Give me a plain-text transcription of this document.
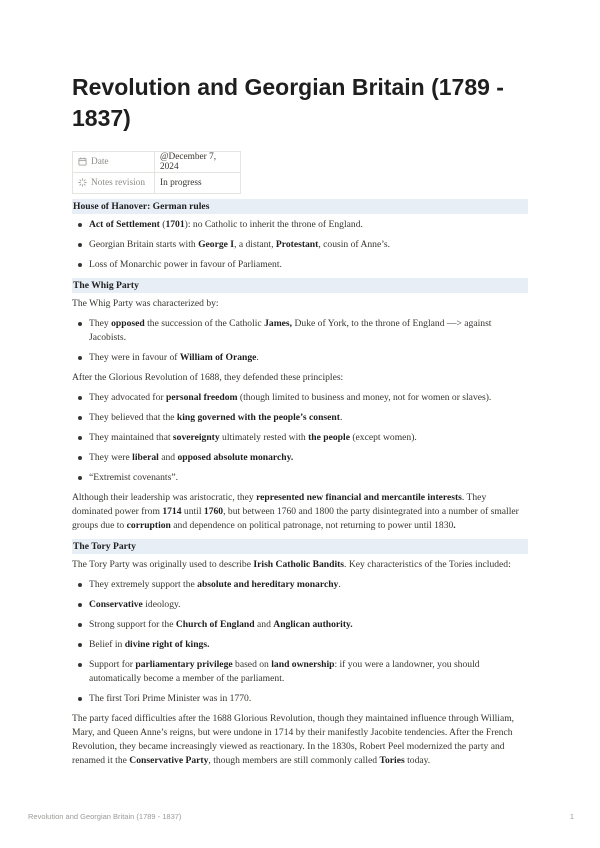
Revolution and Georgian Britain (1789 - 1837)
Date	@December 7, 2024
Notes revision	In progress
House of Hanover: German rules
Act of Settlement (1701): no Catholic to inherit the throne of England.
Georgian Britain starts with George I, a distant, Protestant, cousin of Anne’s.
Loss of Monarchic power in favour of Parliament.
The Whig Party

The Whig Party was characterized by:

They opposed the succession of the Catholic James, Duke of York, to the throne of England —> against Jacobists.
They were in favour of William of Orange.

After the Glorious Revolution of 1688, they defended these principles:

They advocated for personal freedom (though limited to business and money, not for women or slaves).
They believed that the king governed with the people’s consent.
They maintained that sovereignty ultimately rested with the people (except women).
They were liberal and opposed absolute monarchy.
“Extremist covenants”.

Although their leadership was aristocratic, they represented new financial and mercantile interests. They dominated power from 1714 until 1760, but between 1760 and 1800 the party disintegrated into a number of smaller groups due to corruption and dependence on political patronage, not returning to power until 1830.

The Tory Party

The Tory Party was originally used to describe Irish Catholic Bandits. Key characteristics of the Tories included:

They extremely support the absolute and hereditary monarchy.
Conservative ideology.
Strong support for the Church of England and Anglican authority.
Belief in divine right of kings.
Support for parliamentary privilege based on land ownership: if you were a landowner, you should automatically become a member of the parliament.
The first Tori Prime Minister was in 1770.

The party faced difficulties after the 1688 Glorious Revolution, though they maintained influence through William, Mary, and Queen Anne’s reigns, but were undone in 1714 by their manifestly Jacobite tendencies. After the French Revolution, they became increasingly viewed as reactionary. In the 1830s, Robert Peel modernized the party and renamed it the Conservative Party, though members are still commonly called Tories today.

Revolution and Georgian Britain (1789 - 1837)	1
